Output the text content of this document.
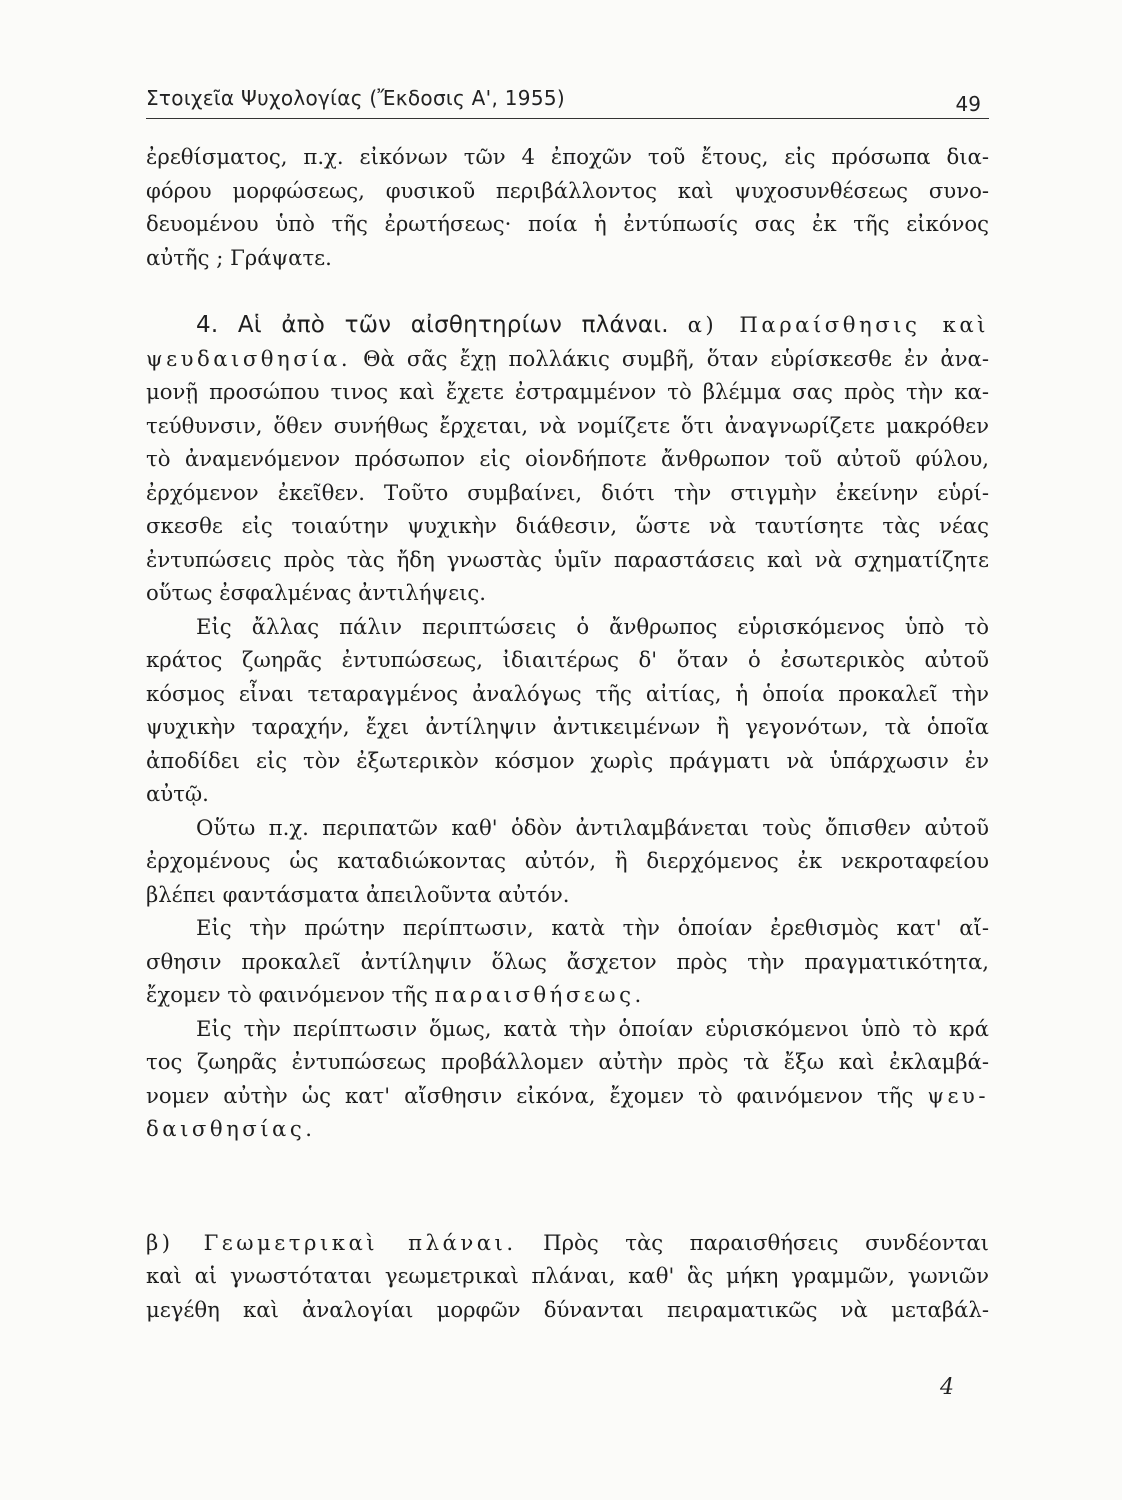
Στοιχεῖα Ψυχολογίας (Ἔκδοσις Α', 1955)	49
ἐρεθίσματος, π.χ. εἰκόνων τῶν 4 ἐποχῶν τοῦ ἔτους, εἰς πρόσωπα δια-
φόρου μορφώσεως, φυσικοῦ περιβάλλοντος καὶ ψυχοσυνθέσεως συνο-
δευομένου ὑπὸ τῆς ἐρωτήσεως· ποία ἡ ἐντύπωσίς σας ἐκ τῆς εἰκόνος
αὐτῆς ; Γράψατε.
4. Αἱ ἀπὸ τῶν αἰσθητηρίων πλάναι. α) Παραίσθησις καὶ
ψευδαισθησία. Θὰ σᾶς ἔχῃ πολλάκις συμβῆ, ὅταν εὑρίσκεσθε ἐν ἀνα-
μονῇ προσώπου τινος καὶ ἔχετε ἐστραμμένον τὸ βλέμμα σας πρὸς τὴν κα-
τεύθυνσιν, ὅθεν συνήθως ἔρχεται, νὰ νομίζετε ὅτι ἀναγνωρίζετε μακρόθεν
τὸ ἀναμενόμενον πρόσωπον εἰς οἱονδήποτε ἄνθρωπον τοῦ αὐτοῦ φύλου,
ἐρχόμενον ἐκεῖθεν. Τοῦτο συμβαίνει, διότι τὴν στιγμὴν ἐκείνην εὑρί-
σκεσθε εἰς τοιαύτην ψυχικὴν διάθεσιν, ὥστε νὰ ταυτίσητε τὰς νέας
ἐντυπώσεις πρὸς τὰς ἤδη γνωστὰς ὑμῖν παραστάσεις καὶ νὰ σχηματίζητε
οὕτως ἐσφαλμένας ἀντιλήψεις.
Εἰς ἄλλας πάλιν περιπτώσεις ὁ ἄνθρωπος εὑρισκόμενος ὑπὸ τὸ
κράτος ζωηρᾶς ἐντυπώσεως, ἰδιαιτέρως δ' ὅταν ὁ ἐσωτερικὸς αὐτοῦ
κόσμος εἶναι τεταραγμένος ἀναλόγως τῆς αἰτίας, ἡ ὁποία προκαλεῖ τὴν
ψυχικὴν ταραχήν, ἔχει ἀντίληψιν ἀντικειμένων ἢ γεγονότων, τὰ ὁποῖα
ἀποδίδει εἰς τὸν ἐξωτερικὸν κόσμον χωρὶς πράγματι νὰ ὑπάρχωσιν ἐν
αὐτῷ.
Οὕτω π.χ. περιπατῶν καθ' ὁδὸν ἀντιλαμβάνεται τοὺς ὄπισθεν αὐτοῦ
ἐρχομένους ὡς καταδιώκοντας αὐτόν, ἢ διερχόμενος ἐκ νεκροταφείου
βλέπει φαντάσματα ἀπειλοῦντα αὐτόν.
Εἰς τὴν πρώτην περίπτωσιν, κατὰ τὴν ὁποίαν ἐρεθισμὸς κατ' αἴ-
σθησιν προκαλεῖ ἀντίληψιν ὅλως ἄσχετον πρὸς τὴν πραγματικότητα,
ἔχομεν τὸ φαινόμενον τῆς παραισθήσεως.
Εἰς τὴν περίπτωσιν ὅμως, κατὰ τὴν ὁποίαν εὑρισκόμενοι ὑπὸ τὸ κρά
τος ζωηρᾶς ἐντυπώσεως προβάλλομεν αὐτὴν πρὸς τὰ ἔξω καὶ ἐκλαμβά-
νομεν αὐτὴν ὡς κατ' αἴσθησιν εἰκόνα, ἔχομεν τὸ φαινόμενον τῆς ψευ-
δαισθησίας.
β) Γεωμετρικαὶ πλάναι. Πρὸς τὰς παραισθήσεις συνδέονται
καὶ αἱ γνωστόταται γεωμετρικαὶ πλάναι, καθ' ἃς μήκη γραμμῶν, γωνιῶν
μεγέθη καὶ ἀναλογίαι μορφῶν δύνανται πειραματικῶς νὰ μεταβάλ-
4
